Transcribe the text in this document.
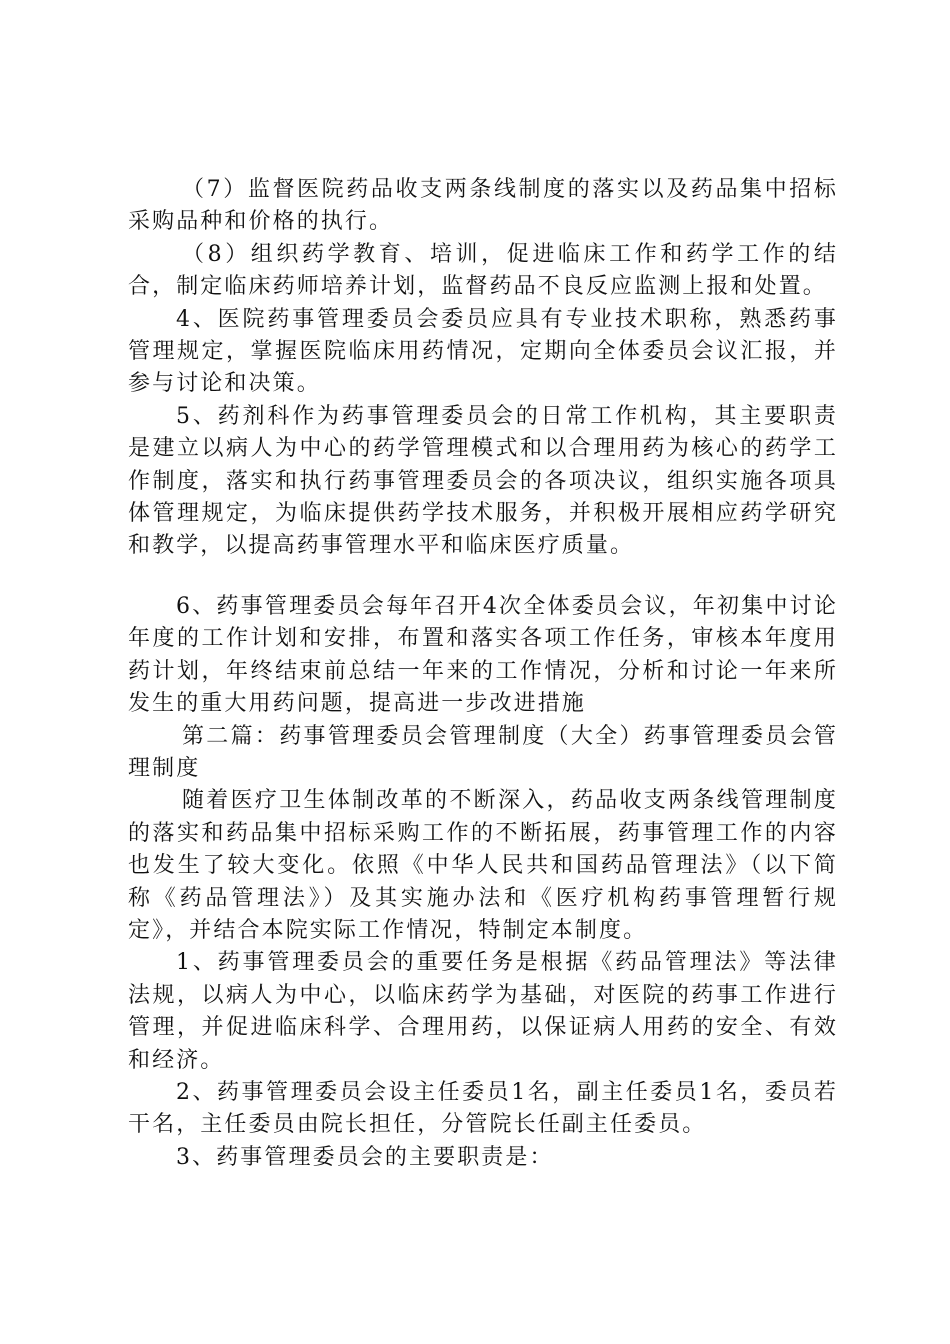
（7）监督医院药品收支两条线制度的落实以及药品集中招标采购品种和价格的执行。

（8）组织药学教育、培训，促进临床工作和药学工作的结合，制定临床药师培养计划，监督药品不良反应监测上报和处置。

4、医院药事管理委员会委员应具有专业技术职称，熟悉药事管理规定，掌握医院临床用药情况，定期向全体委员会议汇报，并参与讨论和决策。

5、药剂科作为药事管理委员会的日常工作机构，其主要职责是建立以病人为中心的药学管理模式和以合理用药为核心的药学工作制度，落实和执行药事管理委员会的各项决议，组织实施各项具体管理规定，为临床提供药学技术服务，并积极开展相应药学研究和教学，以提高药事管理水平和临床医疗质量。

6、药事管理委员会每年召开4次全体委员会议，年初集中讨论年度的工作计划和安排，布置和落实各项工作任务，审核本年度用药计划，年终结束前总结一年来的工作情况，分析和讨论一年来所发生的重大用药问题，提高进一步改进措施

第二篇：药事管理委员会管理制度（大全）药事管理委员会管理制度

随着医疗卫生体制改革的不断深入，药品收支两条线管理制度的落实和药品集中招标采购工作的不断拓展，药事管理工作的内容也发生了较大变化。依照《中华人民共和国药品管理法》（以下简称《药品管理法》）及其实施办法和《医疗机构药事管理暂行规定》，并结合本院实际工作情况，特制定本制度。

1、药事管理委员会的重要任务是根据《药品管理法》等法律法规，以病人为中心，以临床药学为基础，对医院的药事工作进行管理，并促进临床科学、合理用药，以保证病人用药的安全、有效和经济。

2、药事管理委员会设主任委员1名，副主任委员1名，委员若干名，主任委员由院长担任，分管院长任副主任委员。

3、药事管理委员会的主要职责是：
